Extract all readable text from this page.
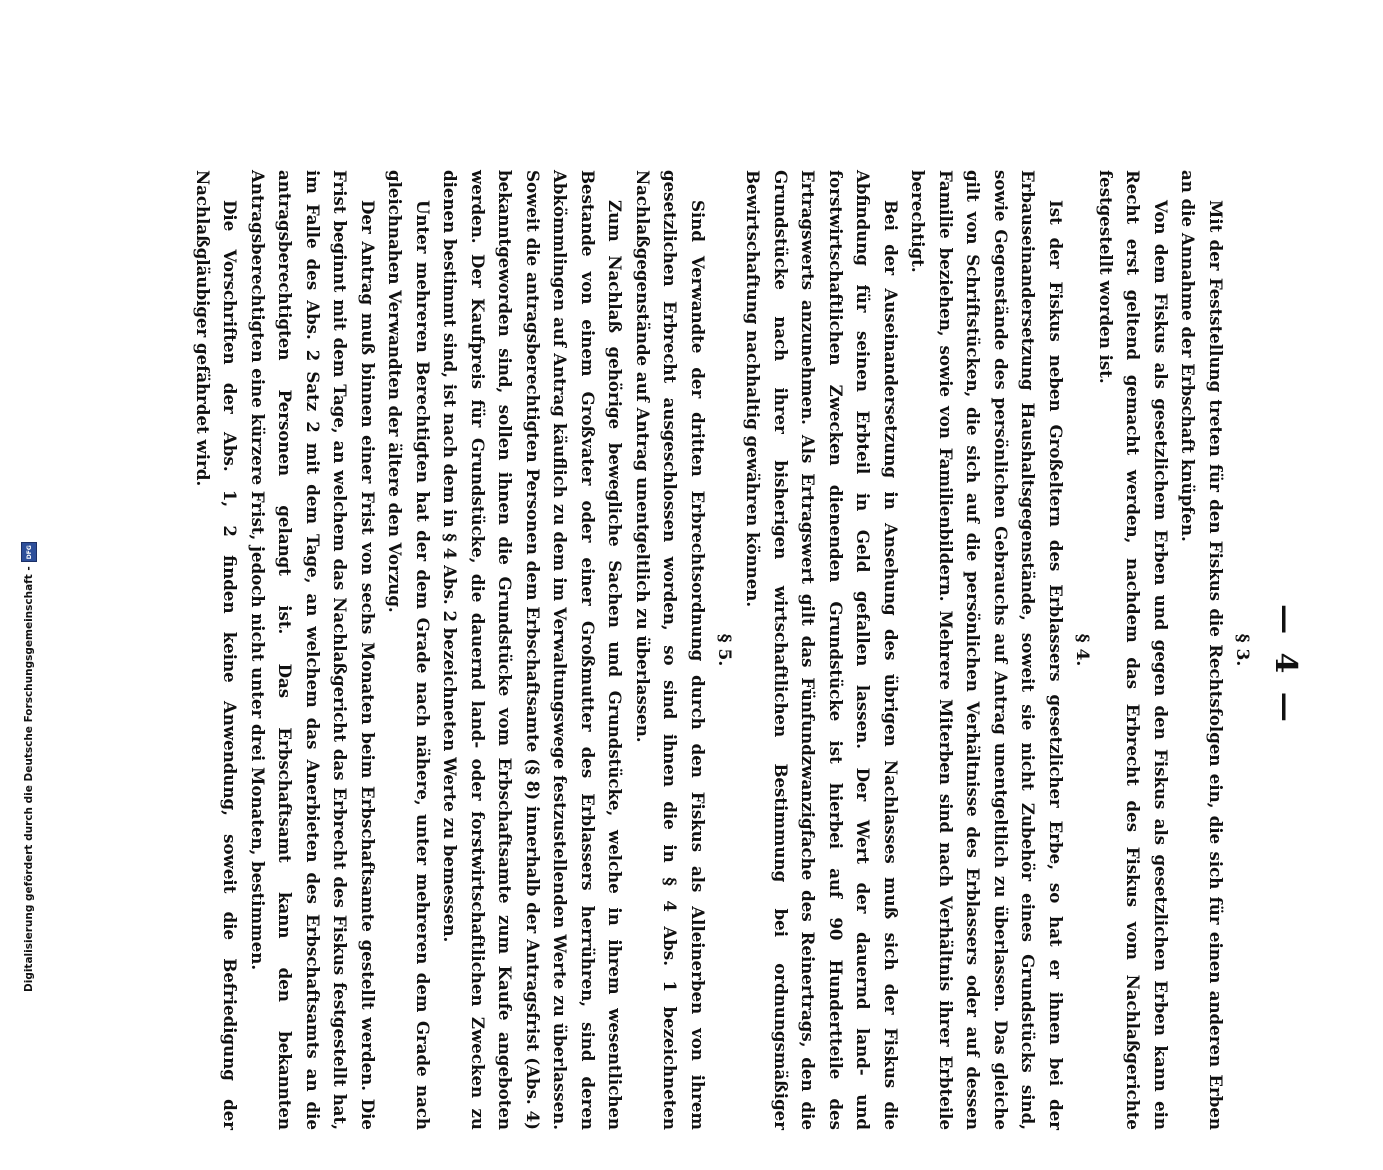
— 4 —

§ 3.

Mit der Feststellung treten für den Fiskus die Rechtsfolgen ein, die sich für einen anderen Erben an die Annahme der Erbschaft knüpfen.

Von dem Fiskus als gesetzlichem Erben und gegen den Fiskus als gesetzlichen Erben kann ein Recht erst geltend gemacht werden, nachdem das Erbrecht des Fiskus vom Nachlaßgerichte festgestellt worden ist.

§ 4.

Ist der Fiskus neben Großeltern des Erblassers gesetzlicher Erbe, so hat er ihnen bei der Erbauseinandersetzung Haushaltsgegenstände, soweit sie nicht Zubehör eines Grundstücks sind, sowie Gegenstände des persönlichen Gebrauchs auf Antrag unentgeltlich zu überlassen. Das gleiche gilt von Schriftstücken, die sich auf die persönlichen Verhältnisse des Erblassers oder auf dessen Familie beziehen, sowie von Familienbildern. Mehrere Miterben sind nach Verhältnis ihrer Erbteile berechtigt.

Bei der Auseinandersetzung in Ansehung des übrigen Nachlasses muß sich der Fiskus die Abfindung für seinen Erbteil in Geld gefallen lassen. Der Wert der dauernd land- und forstwirtschaftlichen Zwecken dienenden Grundstücke ist hierbei auf 90 Hundertteile des Ertragswerts anzunehmen. Als Ertragswert gilt das Fünfundzwanzigfache des Reinertrags, den die Grundstücke nach ihrer bisherigen wirtschaftlichen Bestimmung bei ordnungsmäßiger Bewirtschaftung nachhaltig gewähren können.

§ 5.

Sind Verwandte der dritten Erbrechtsordnung durch den Fiskus als Alleinerben von ihrem gesetzlichen Erbrecht ausgeschlossen worden, so sind ihnen die in § 4 Abs. 1 bezeichneten Nachlaßgegenstände auf Antrag unentgeltlich zu überlassen.

Zum Nachlaß gehörige bewegliche Sachen und Grundstücke, welche in ihrem wesentlichen Bestande von einem Großvater oder einer Großmutter des Erblassers herrühren, sind deren Abkömmlingen auf Antrag käuflich zu dem im Verwaltungswege festzustellenden Werte zu überlassen. Soweit die antragsberechtigten Personen dem Erbschaftsamte (§ 8) innerhalb der Antragsfrist (Abs. 4) bekanntgeworden sind, sollen ihnen die Grundstücke vom Erbschaftsamte zum Kaufe angeboten werden. Der Kaufpreis für Grundstücke, die dauernd land- oder forstwirtschaftlichen Zwecken zu dienen bestimmt sind, ist nach dem in § 4 Abs. 2 bezeichneten Werte zu bemessen.

Unter mehreren Berechtigten hat der dem Grade nach nähere, unter mehreren dem Grade nach gleichnahen Verwandten der ältere den Vorzug.

Der Antrag muß binnen einer Frist von sechs Monaten beim Erbschaftsamte gestellt werden. Die Frist beginnt mit dem Tage, an welchem das Nachlaßgericht das Erbrecht des Fiskus festgestellt hat, im Falle des Abs. 2 Satz 2 mit dem Tage, an welchem das Anerbieten des Erbschaftsamts an die antragsberechtigten Personen gelangt ist. Das Erbschaftsamt kann den bekannten Antragsberechtigten eine kürzere Frist, jedoch nicht unter drei Monaten, bestimmen.

Die Vorschriften der Abs. 1, 2 finden keine Anwendung, soweit die Befriedigung der Nachlaßgläubiger gefährdet wird.

Digitalisierung gefördert durch die Deutsche Forschungsgemeinschaft -
DFG
